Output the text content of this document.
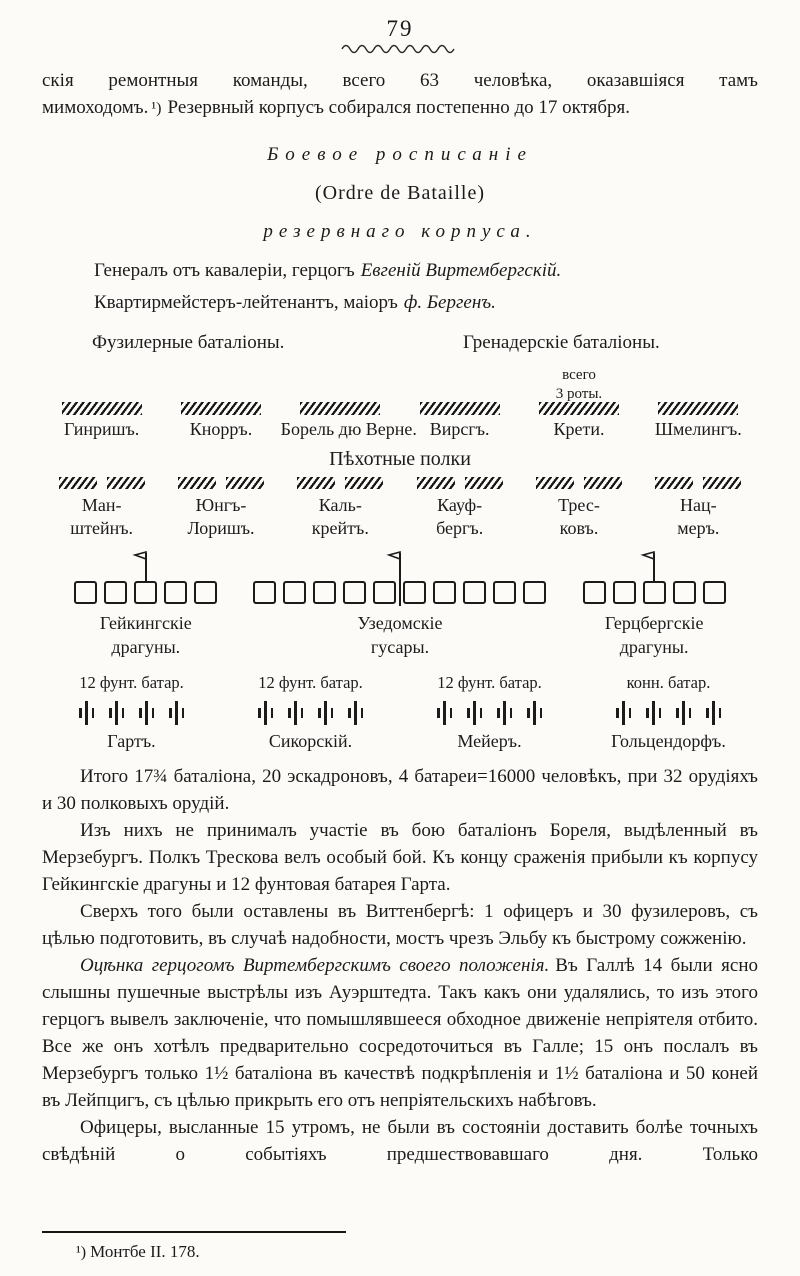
79

скія ремонтныя команды, всего 63 человѣка, оказавшіяся тамъ мимоходомъ. ¹) Резервный корпусъ собирался постепенно до 17 октября.

Боевое росписаніе
(Ordre de Bataille)
резервнаго корпуса.
Генералъ отъ кавалеріи, герцогъ Евгеній Виртембергскій.
Квартирмейстеръ-лейтенантъ, маіоръ ф. Бергенъ.
Фузилерные баталіоны.	Гренадерскіе баталіоны.
Гинришъ.	Кнорръ.	Борель дю Верне. Вирсгъ.
всего
3 роты.
Крети.	Шмелингъ.
Пѣхотные полки
Ман-
штейнъ.
Юнгъ-
Лоришъ.
Каль-
крейтъ.
Кауф-
бергъ.
Трес-
ковъ.
Нац-
меръ.
Гейкингскіе
драгуны.
Узедомскіе
гусары.
Герцбергскіе
драгуны.
12 фунт. батар.
Гартъ.
12 фунт. батар.
Сикорскій.
12 фунт. батар.
Мейеръ.
конн. батар.
Гольцендорфъ.

Итого 17¾ баталіона, 20 эскадроновъ, 4 батареи=16000 человѣкъ, при 32 орудіяхъ и 30 полковыхъ орудій.

Изъ нихъ не принималъ участіе въ бою баталіонъ Бореля, выдѣленный въ Мерзебургъ. Полкъ Трескова велъ особый бой. Къ концу сраженія прибыли къ корпусу Гейкингскіе драгуны и 12 фунтовая батарея Гарта.

Сверхъ того были оставлены въ Виттенбергѣ: 1 офицеръ и 30 фузилеровъ, съ цѣлью подготовить, въ случаѣ надобности, мостъ чрезъ Эльбу къ быстрому сожженію.

Оцѣнка герцогомъ Виртембергскимъ своего положенія. Въ Галлѣ 14 были ясно слышны пушечные выстрѣлы изъ Ауэрштедта. Такъ какъ они удалялись, то изъ этого герцогъ вывелъ заключеніе, что помышлявшееся обходное движеніе непріятеля отбито. Все же онъ хотѣлъ предварительно сосредоточиться въ Галле; 15 онъ послалъ въ Мерзебургъ только 1½ баталіона въ качествѣ подкрѣпленія и 1½ баталіона и 50 коней въ Лейпцигъ, съ цѣлью прикрыть его отъ непріятельскихъ набѣговъ.

Офицеры, высланные 15 утромъ, не были въ состояніи доставить болѣе точныхъ свѣдѣній о событіяхъ предшествовавшаго дня. Только

¹) Монтбе II. 178.
